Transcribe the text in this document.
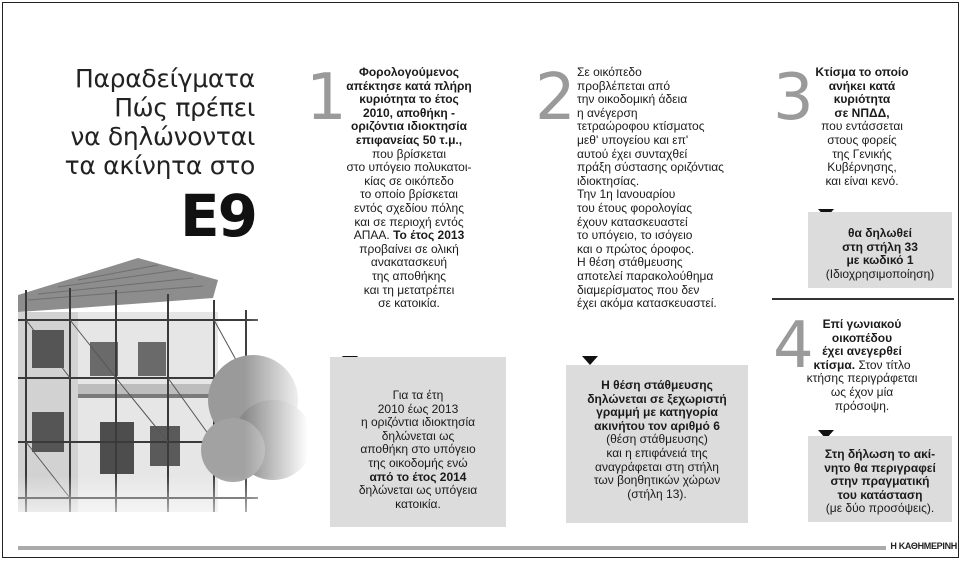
Παραδείγματα
Πώς πρέπει
να δηλώνονται
τα ακίνητα στο
Ε9
1	Φορολογούμενος
απέκτησε κατά πλήρη
κυριότητα το έτος
2010, αποθήκη -
οριζόντια ιδιοκτησία
επιφανείας 50 τ.μ.,
που βρίσκεται
στο υπόγειο πολυκατοι-
κίας σε οικόπεδο
το οποίο βρίσκεται
εντός σχεδίου πόλης
και σε περιοχή εντός
ΑΠΑΑ. Το έτος 2013
προβαίνει σε ολική
ανακατασκευή
της αποθήκης
και τη μετατρέπει
σε κατοικία.
Για τα έτη
2010 έως 2013
η οριζόντια ιδιοκτησία
δηλώνεται ως
αποθήκη στο υπόγειο
της οικοδομής ενώ
από το έτος 2014
δηλώνεται ως υπόγεια
κατοικία.
2 Σε οικόπεδο
προβλέπεται από
την οικοδομική άδεια
η ανέγερση
τετραώροφου κτίσματος
μεθ' υπογείου και επ'
αυτού έχει συνταχθεί
πράξη σύστασης οριζόντιας
ιδιοκτησίας.
Την 1η Ιανουαρίου
του έτους φορολογίας
έχουν κατασκευαστεί
το υπόγειο, το ισόγειο
και ο πρώτος όροφος.
Η θέση στάθμευσης
αποτελεί παρακολούθημα
διαμερίσματος που δεν
έχει ακόμα κατασκευαστεί.
Η θέση στάθμευσης
δηλώνεται σε ξεχωριστή
γραμμή με κατηγορία
ακινήτου τον αριθμό 6
(θέση στάθμευσης)
και η επιφάνειά της
αναγράφεται στη στήλη
των βοηθητικών χώρων
(στήλη 13).
3 Κτίσμα το οποίο
ανήκει κατά
κυριότητα
σε ΝΠΔΔ,
που εντάσσεται
στους φορείς
της Γενικής
Κυβέρνησης,
και είναι κενό.
θα δηλωθεί
στη στήλη 33
με κωδικό 1
(Ιδιοχρησιμοποίηση)
4 Επί γωνιακού
οικοπέδου
έχει ανεγερθεί
κτίσμα. Στον τίτλο
κτήσης περιγράφεται
ως έχον μία
πρόσοψη.
Στη δήλωση το ακί-
νητο θα περιγραφεί
στην πραγματική
του κατάσταση
(με δύο προσόψεις).
Η ΚΑΘΗΜΕΡΙΝΗ
